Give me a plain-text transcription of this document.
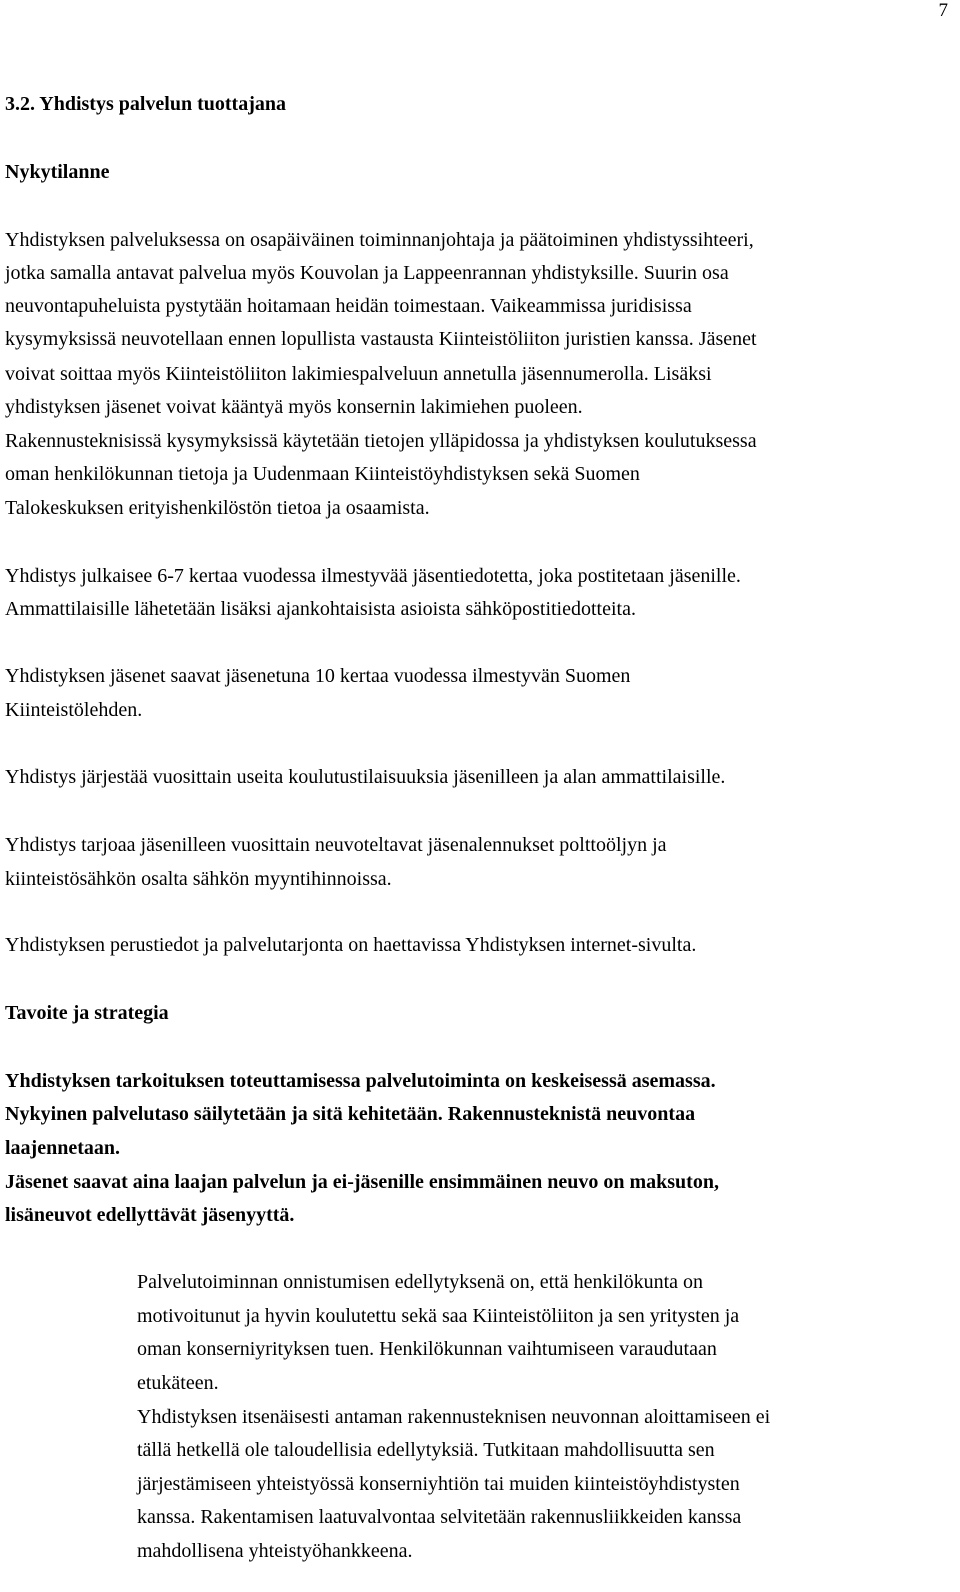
7
3.2. Yhdistys palvelun tuottajana
Nykytilanne
Yhdistyksen palveluksessa on osapäiväinen toiminnanjohtaja ja päätoiminen yhdistyssihteeri,
jotka samalla antavat palvelua myös Kouvolan ja Lappeenrannan yhdistyksille. Suurin osa
neuvontapuheluista pystytään hoitamaan heidän toimestaan. Vaikeammissa juridisissa
kysymyksissä neuvotellaan ennen lopullista vastausta Kiinteistöliiton juristien kanssa. Jäsenet
voivat soittaa myös Kiinteistöliiton lakimiespalveluun annetulla jäsennumerolla. Lisäksi
yhdistyksen jäsenet voivat kääntyä myös konsernin lakimiehen puoleen.
Rakennusteknisissä kysymyksissä käytetään tietojen ylläpidossa ja yhdistyksen koulutuksessa
oman henkilökunnan tietoja ja Uudenmaan Kiinteistöyhdistyksen sekä Suomen
Talokeskuksen erityishenkilöstön tietoa ja osaamista.
Yhdistys julkaisee 6-7 kertaa vuodessa ilmestyvää jäsentiedotetta, joka postitetaan jäsenille.
Ammattilaisille lähetetään lisäksi ajankohtaisista asioista sähköpostitiedotteita.
Yhdistyksen jäsenet saavat jäsenetuna 10 kertaa vuodessa ilmestyvän Suomen
Kiinteistölehden.
Yhdistys järjestää vuosittain useita koulutustilaisuuksia jäsenilleen ja alan ammattilaisille.
Yhdistys tarjoaa jäsenilleen vuosittain neuvoteltavat jäsenalennukset polttoöljyn ja
kiinteistösähkön osalta sähkön myyntihinnoissa.
Yhdistyksen perustiedot ja palvelutarjonta on haettavissa Yhdistyksen internet-sivulta.
Tavoite ja strategia
Yhdistyksen tarkoituksen toteuttamisessa palvelutoiminta on keskeisessä asemassa.
Nykyinen palvelutaso säilytetään ja sitä kehitetään. Rakennusteknistä neuvontaa
laajennetaan.
Jäsenet saavat aina laajan palvelun ja ei-jäsenille ensimmäinen neuvo on maksuton,
lisäneuvot edellyttävät jäsenyyttä.
Palvelutoiminnan onnistumisen edellytyksenä on, että henkilökunta on
motivoitunut ja hyvin koulutettu sekä saa Kiinteistöliiton ja sen yritysten ja
oman konserniyrityksen tuen. Henkilökunnan vaihtumiseen varaudutaan
etukäteen.
Yhdistyksen itsenäisesti antaman rakennusteknisen neuvonnan aloittamiseen ei
tällä hetkellä ole taloudellisia edellytyksiä. Tutkitaan mahdollisuutta sen
järjestämiseen yhteistyössä konserniyhtiön tai muiden kiinteistöyhdistysten
kanssa. Rakentamisen laatuvalvontaa selvitetään rakennusliikkeiden kanssa
mahdollisena yhteistyöhankkeena.
